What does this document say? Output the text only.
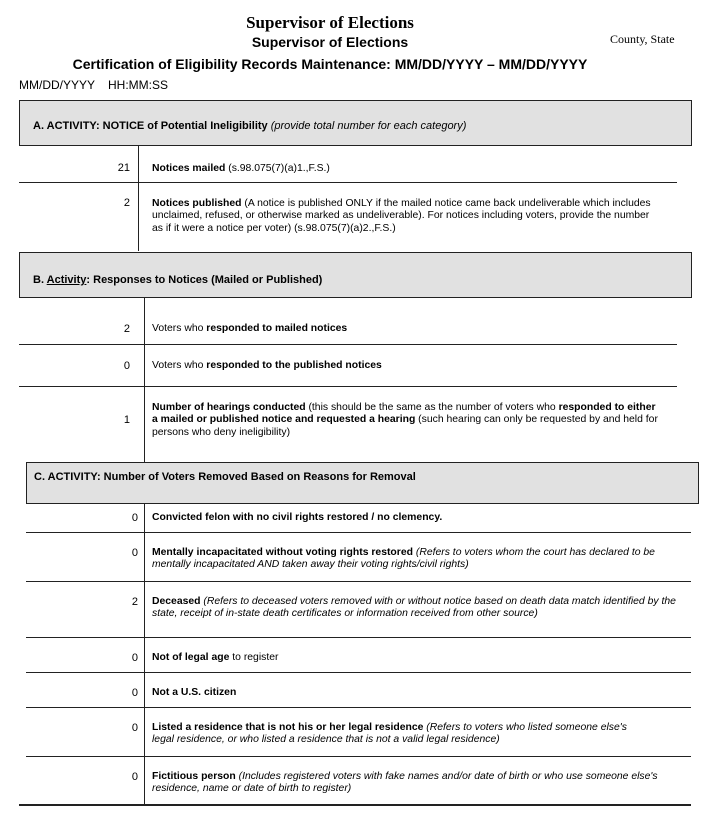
Supervisor of Elections
Supervisor of Elections	County, State
Certification of Eligibility Records Maintenance: MM/DD/YYYY – MM/DD/YYYY
MM/DD/YYYY HH:MM:SS
A. ACTIVITY: NOTICE of Potential Ineligibility (provide total number for each category)
21 Notices mailed (s.98.075(7)(a)1.,F.S.)
2 Notices published (A notice is published ONLY if the mailed notice came back undeliverable which includes unclaimed, refused, or otherwise marked as undeliverable). For notices including voters, provide the number as if it were a notice per voter) (s.98.075(7)(a)2.,F.S.)
B. Activity: Responses to Notices (Mailed or Published)
2 Voters who responded to mailed notices
0 Voters who responded to the published notices
1
Number of hearings conducted (this should be the same as the number of voters who responded to either a mailed or published notice and requested a hearing (such hearing can only be requested by and held for persons who deny ineligibility)
C. ACTIVITY: Number of Voters Removed Based on Reasons for Removal
0 Convicted felon with no civil rights restored / no clemency.
0 Mentally incapacitated without voting rights restored (Refers to voters whom the court has declared to be mentally incapacitated AND taken away their voting rights/civil rights)
2 Deceased (Refers to deceased voters removed with or without notice based on death data match identified by the state, receipt of in-state death certificates or information received from other source)
0 Not of legal age to register
0 Not a U.S. citizen
0 Listed a residence that is not his or her legal residence (Refers to voters who listed someone else's legal residence, or who listed a residence that is not a valid legal residence)
0 Fictitious person (Includes registered voters with fake names and/or date of birth or who use someone else's residence, name or date of birth to register)
